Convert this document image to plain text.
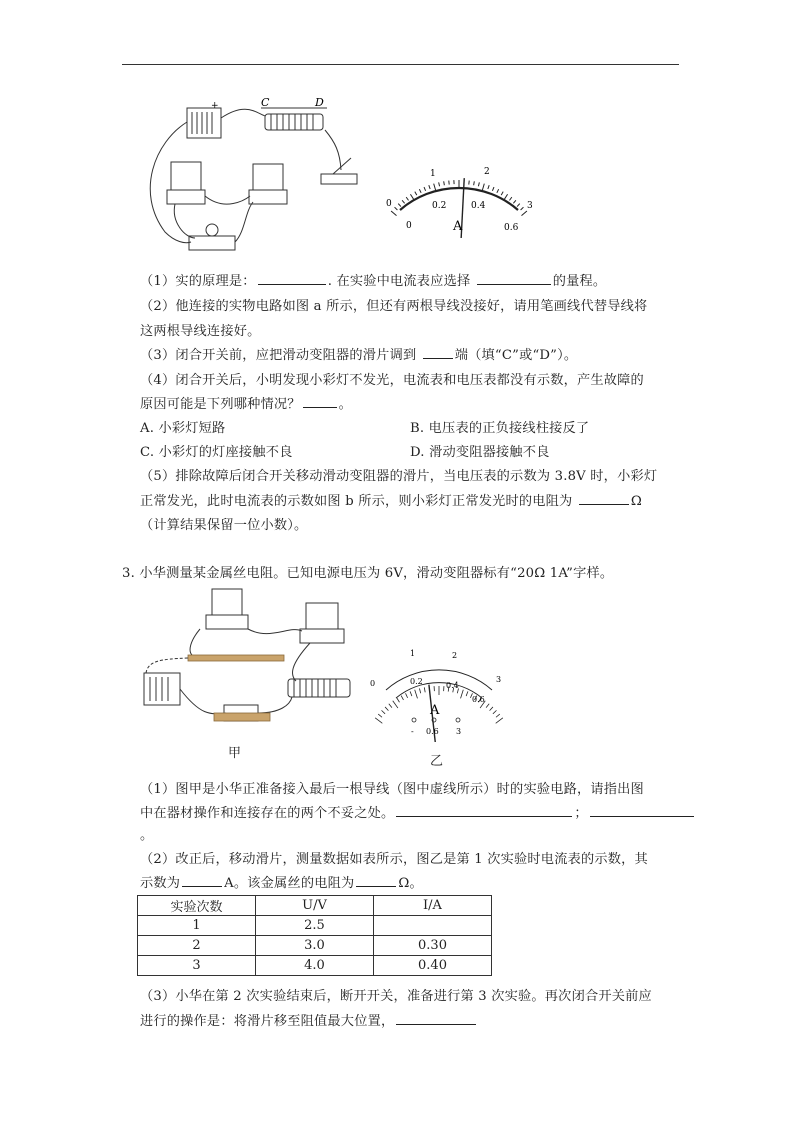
C	D
+
0
0
1	2
3
0.2	0.4
0.6
A
（1）实的原理是：	. 在实验中电流表应选择	的量程。
（2）他连接的实物电路如图 a 所示，但还有两根导线没接好，请用笔画线代替导线将
这两根导线连接好。
（3）闭合开关前，应把滑动变阻器的滑片调到	端（填“C”或“D”）。
（4）闭合开关后，小明发现小彩灯不发光，电流表和电压表都没有示数，产生故障的
原因可能是下列哪种情况？	。
A. 小彩灯短路	B. 电压表的正负接线柱接反了
C. 小彩灯的灯座接触不良	D. 滑动变阻器接触不良
（5）排除故障后闭合开关移动滑动变阻器的滑片，当电压表的示数为 3.8V 时，小彩灯
正常发光，此时电流表的示数如图 b 所示，则小彩灯正常发光时的电阻为	Ω
（计算结果保留一位小数）。
3. 小华测量某金属丝电阻。已知电源电压为 6V，滑动变阻器标有“20Ω 1A”字样。
甲
0
1	2
3
0.2	0.4
0.6
A
- 0.6 3
乙
（1）图甲是小华正准备接入最后一根导线（图中虚线所示）时的实验电路，请指出图
中在器材操作和连接存在的两个不妥之处。	；
。
（2）改正后，移动滑片，测量数据如表所示，图乙是第 1 次实验时电流表的示数，其
示数为	A。该金属丝的电阻为	Ω。
实验次数	U/V	I/A
1	2.5	
2	3.0	0.30
3	4.0	0.40
（3）小华在第 2 次实验结束后，断开开关，准备进行第 3 次实验。再次闭合开关前应
进行的操作是：将滑片移至阻值最大位置，
